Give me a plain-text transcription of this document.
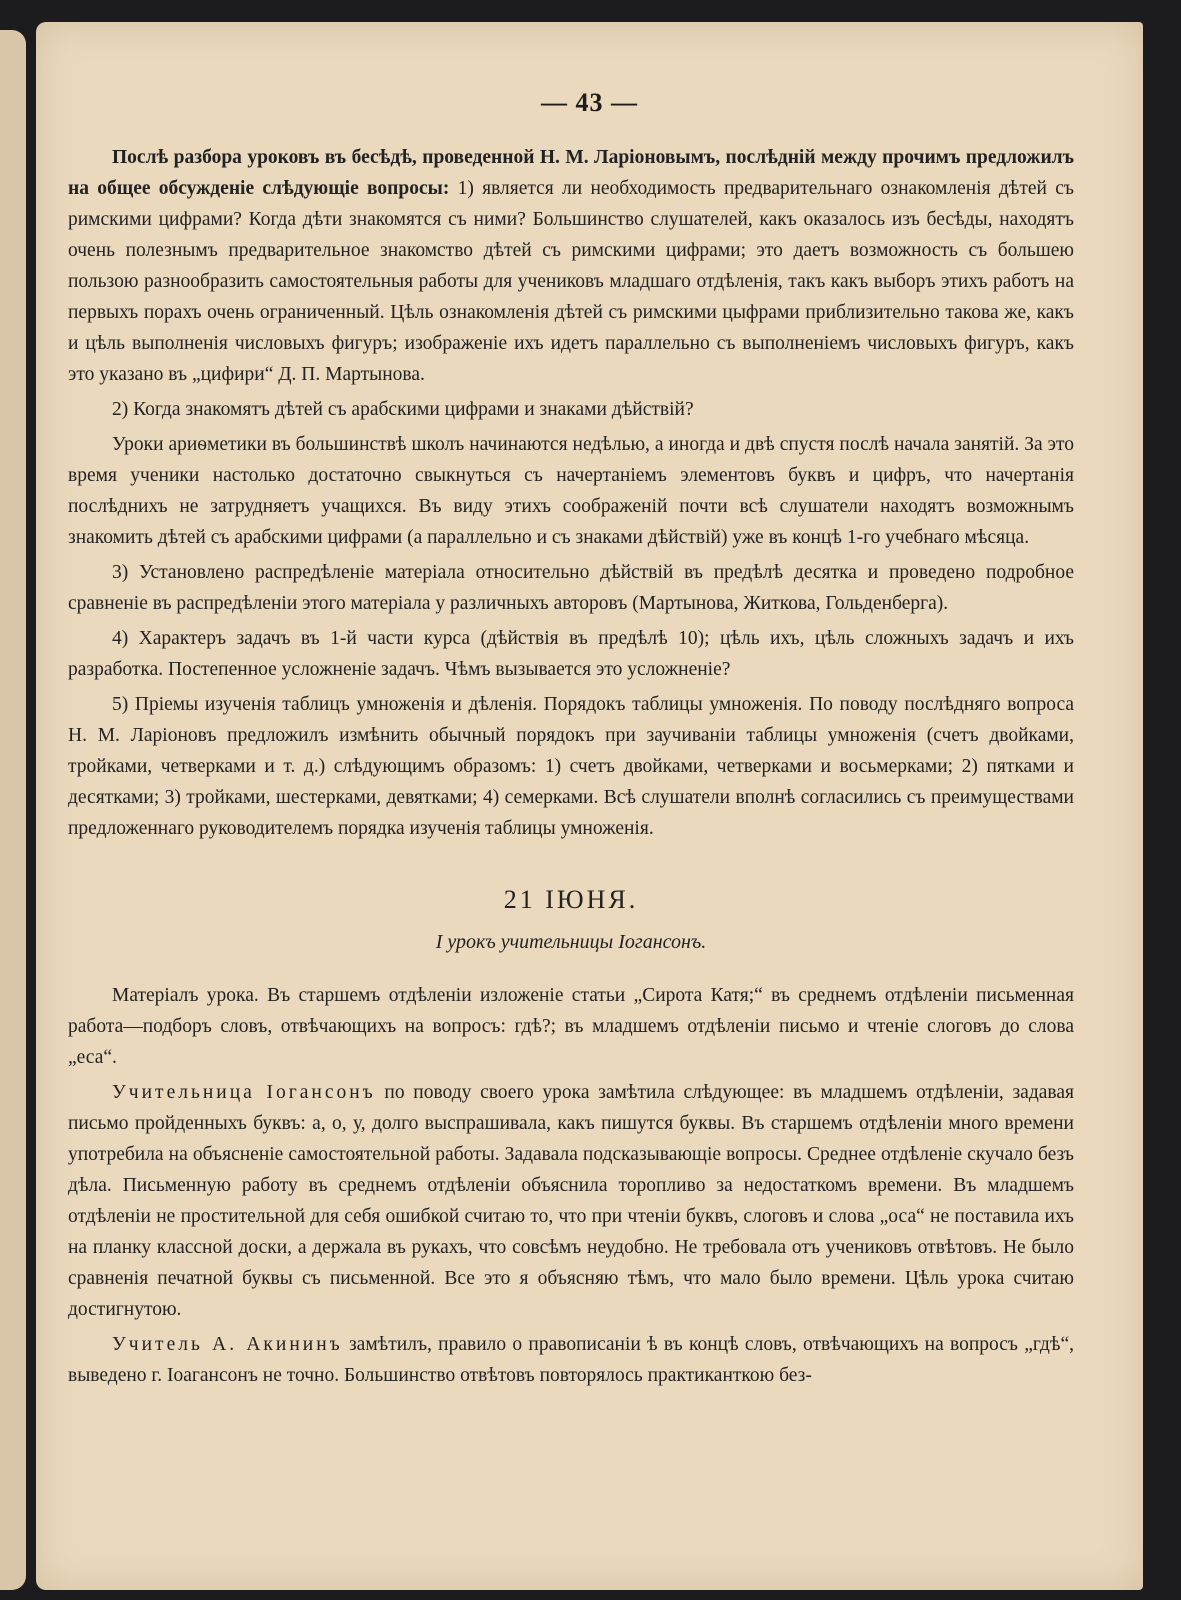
— 43 —

Послѣ разбора уроковъ въ бесѣдѣ, проведенной Н. М. Ларіоновымъ, послѣдній между прочимъ предложилъ на общее обсужденіе слѣдующіе вопросы: 1) является ли необходимость предварительнаго ознакомленія дѣтей съ римскими цифрами? Когда дѣти знакомятся съ ними? Большинство слушателей, какъ оказалось изъ бесѣды, находятъ очень полезнымъ предварительное знакомство дѣтей съ римскими цифрами; это даетъ возможность съ большею пользою разнообразить самостоятельныя работы для учениковъ младшаго отдѣленія, такъ какъ выборъ этихъ работъ на первыхъ порахъ очень ограниченный. Цѣль ознакомленія дѣтей съ римскими цыфрами приблизительно такова же, какъ и цѣль выполненія числовыхъ фигуръ; изображеніе ихъ идетъ параллельно съ выполненіемъ числовыхъ фигуръ, какъ это указано въ „цифири“ Д. П. Мартынова.

2) Когда знакомятъ дѣтей съ арабскими цифрами и знаками дѣйствій?

Уроки ариѳметики въ большинствѣ школъ начинаются недѣлью, а иногда и двѣ спустя послѣ начала занятій. За это время ученики настолько достаточно свыкнуться съ начертаніемъ элементовъ буквъ и цифръ, что начертанія послѣднихъ не затрудняетъ учащихся. Въ виду этихъ соображеній почти всѣ слушатели находятъ возможнымъ знакомить дѣтей съ арабскими цифрами (а параллельно и съ знаками дѣйствій) уже въ концѣ 1-го учебнаго мѣсяца.

3) Установлено распредѣленіе матеріала относительно дѣйствій въ предѣлѣ десятка и проведено подробное сравненіе въ распредѣленіи этого матеріала у различныхъ авторовъ (Мартынова, Житкова, Гольденберга).

4) Характеръ задачъ въ 1-й части курса (дѣйствія въ предѣлѣ 10); цѣль ихъ, цѣль сложныхъ задачъ и ихъ разработка. Постепенное усложненіе задачъ. Чѣмъ вызывается это усложненіе?

5) Пріемы изученія таблицъ умноженія и дѣленія. Порядокъ таблицы умноженія. По поводу послѣдняго вопроса Н. М. Ларіоновъ предложилъ измѣнить обычный порядокъ при заучиваніи таблицы умноженія (счетъ двойками, тройками, четверками и т. д.) слѣдующимъ образомъ: 1) счетъ двойками, четверками и восьмерками; 2) пятками и десятками; 3) тройками, шестерками, девятками; 4) семерками. Всѣ слушатели вполнѣ согласились съ преимуществами предложеннаго руководителемъ порядка изученія таблицы умноженія.

21 ІЮНЯ.

I урокъ учительницы Іогансонъ.

Матеріалъ урока. Въ старшемъ отдѣленіи изложеніе статьи „Сирота Катя;“ въ среднемъ отдѣленіи письменная работа—подборъ словъ, отвѣчающихъ на вопросъ: гдѣ?; въ младшемъ отдѣленіи письмо и чтеніе слоговъ до слова „еса“.

Учительница Іогансонъ по поводу своего урока замѣтила слѣдующее: въ младшемъ отдѣленіи, задавая письмо пройденныхъ буквъ: а, о, у, долго выспрашивала, какъ пишутся буквы. Въ старшемъ отдѣленіи много времени употребила на объясненіе самостоятельной работы. Задавала подсказывающіе вопросы. Среднее отдѣленіе скучало безъ дѣла. Письменную работу въ среднемъ отдѣленіи объяснила торопливо за недостаткомъ времени. Въ младшемъ отдѣленіи не простительной для себя ошибкой считаю то, что при чтеніи буквъ, слоговъ и слова „оса“ не поставила ихъ на планку классной доски, а держала въ рукахъ, что совсѣмъ неудобно. Не требовала отъ учениковъ отвѣтовъ. Не было сравненія печатной буквы съ письменной. Все это я объясняю тѣмъ, что мало было времени. Цѣль урока считаю достигнутою.

Учитель А. Акининъ замѣтилъ, правило о правописаніи ѣ въ концѣ словъ, отвѣчающихъ на вопросъ „гдѣ“, выведено г. Іоагансонъ не точно. Большинство отвѣтовъ повторялось практиканткою без-
